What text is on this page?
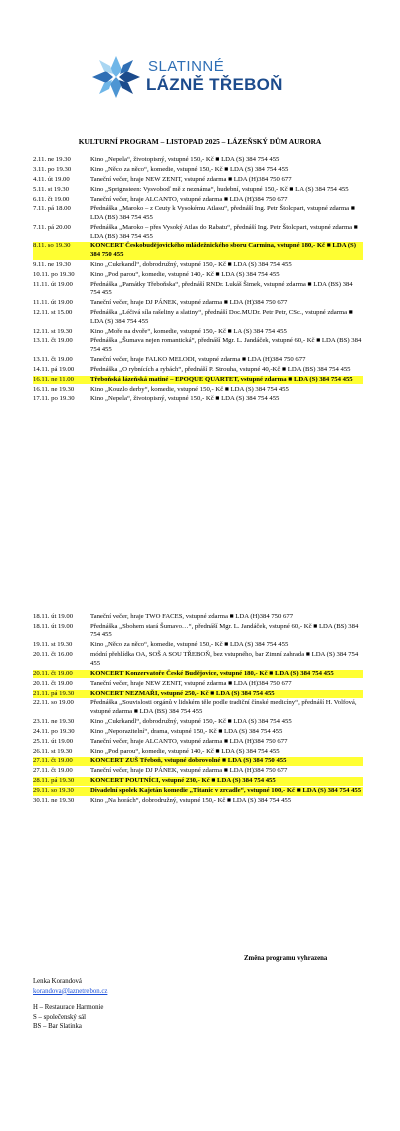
SLATINNÉ
LÁZNĚ TŘEBOŇ
KULTURNÍ PROGRAM – LISTOPAD 2025 – LÁZEŇSKÝ DŮM AURORA
2.11. ne 19.30	Kino „Nepela“, životopisný, vstupné 150,- Kč ■ LDA (S) 384 754 455
3.11. po 19.30	Kino „Něco za něco“, komedie, vstupné 150,- Kč ■ LDA (S) 384 754 455
4.11. út 19.00	Taneční večer, hraje NEW ZENIT, vstupné zdarma ■ LDA (H)384 750 677
5.11. st 19.30	Kino „Sprignsteen: Vysvoboď mě z neznáma“, hudební, vstupné 150,- Kč ■ LA (S) 384 754 455
6.11. čt 19.00	Taneční večer, hraje ALCANTO, vstupné zdarma ■ LDA (H)384 750 677
7.11. pá 18.00	Přednáška „Maroko – z Ceuty k Vysokému Atlasu“, přednáší Ing. Petr Štolcpart, vstupné zdarma ■ LDA (BS) 384 754 455
7.11. pá 20.00	Přednáška „Maroko – přes Vysoký Atlas do Rabatu“, přednáší Ing. Petr Štolcpart, vstupné zdarma ■ LDA (BS) 384 754 455
8.11. so 19.30	KONCERT Českobudějovického mládežnického sboru Carmina, vstupné 180,- Kč ■ LDA (S) 384 750 455
9.11. ne 19.30	Kino „Cukrkandl“, dobrodružný, vstupné 150,- Kč ■ LDA (S) 384 754 455
10.11. po 19.30	Kino „Pod parou“, komedie, vstupné 140,- Kč ■ LDA (S) 384 754 455
11.11. út 19.00	Přednáška „Památky Třeboňska“, přednáší RNDr. Lukáš Šimek, vstupné zdarma ■ LDA (BS) 384 754 455
11.11. út 19.00	Taneční večer, hraje DJ PÁNEK, vstupné zdarma ■ LDA (H)384 750 677
12.11. st 15.00	Přednáška „Léčivá síla rašeliny a slatiny“, přednáší Doc.MUDr. Petr Petr, CSc., vstupné zdarma ■ LDA (S) 384 754 455
12.11. st 19.30	Kino „Moře na dvoře“, komedie, vstupné 150,- Kč ■ LA (S) 384 754 455
13.11. čt 19.00	Přednáška „Šumava nejen romantická“, přednáší Mgr. L. Jandáček, vstupné 60,- Kč ■ LDA (BS) 384 754 455
13.11. čt 19.00	Taneční večer, hraje FALKO MELODI, vstupné zdarma ■ LDA (H)384 750 677
14.11. pá 19.00	Přednáška „O rybnících a rybách“, přednáší P. Strouha, vstupné 40,-Kč ■ LDA (BS) 384 754 455
16.11. ne 11.00	Třeboňská lázeňská matiné – EPOQUE QUARTET, vstupné zdarma ■ LDA (S) 384 754 455
16.11. ne 19.30	Kino „Kouzlo derby“, komedie, vstupné 150,- Kč ■ LDA (S) 384 754 455
17.11. po 19.30	Kino „Nepela“, životopisný, vstupné 150,- Kč ■ LDA (S) 384 754 455
18.11. út 19.00	Taneční večer, hraje TWO FACES, vstupné zdarma ■ LDA (H)384 750 677
18.11. út 19.00	Přednáška „Sbohem stará Šumavo…“, přednáší Mgr. L. Jandáček, vstupné 60,- Kč ■ LDA (BS) 384 754 455
19.11. st 19.30	Kino „Něco za něco“, komedie, vstupné 150,- Kč ■ LDA (S) 384 754 455
20.11. čt 16.00	módní přehlídka OA, SOŠ A SOU TŘEBOŇ, bez vstupného, bar Zimní zahrada ■ LDA (S) 384 754 455
20.11. čt 19.00	KONCERT Konzervatoře České Budějovice, vstupné 180,- Kč ■ LDA (S) 384 754 455
20.11. čt 19.00	Taneční večer, hraje NEW ZENIT, vstupné zdarma ■ LDA (H)384 750 677
21.11. pá 19.30	KONCERT NEZMAŘI, vstupné 250,- Kč ■ LDA (S) 384 754 455
22.11. so 19.00	Přednáška „Souvislosti orgánů v lidském těle podle tradiční čínské medicíny“, přednáší H. Volfová, vstupné zdarma ■ LDA (BS) 384 754 455
23.11. ne 19.30	Kino „Cukrkandl“, dobrodružný, vstupné 150,- Kč ■ LDA (S) 384 754 455
24.11. po 19.30	Kino „Neporazitelní“, drama, vstupné 150,- Kč ■ LDA (S) 384 754 455
25.11. út 19.00	Taneční večer, hraje ALCANTO, vstupné zdarma ■ LDA (H)384 750 677
26.11. st 19.30	Kino „Pod parou“, komedie, vstupné 140,- Kč ■ LDA (S) 384 754 455
27.11. čt 19.00	KONCERT ZUŠ Třeboň, vstupné dobrovolné ■ LDA (S) 384 750 455
27.11. čt 19.00	Taneční večer, hraje DJ PÁNEK, vstupné zdarma ■ LDA (H)384 750 677
28.11. pá 19.30	KONCERT POUTNÍCI, vstupné 230,- Kč ■ LDA (S) 384 754 455
29.11. so 19.30	Divadelní spolek Kajetán komedie „Titanic v zrcadle“, vstupné 100,- Kč ■ LDA (S) 384 754 455
30.11. ne 19.30	Kino „Na horách“, dobrodružný, vstupné 150,- Kč ■ LDA (S) 384 754 455
Změna programu vyhrazena
Lenka Korandová
korandova@laznetrebon.cz
H – Restaurace Harmonie
S – společenský sál
BS – Bar Slatinka
